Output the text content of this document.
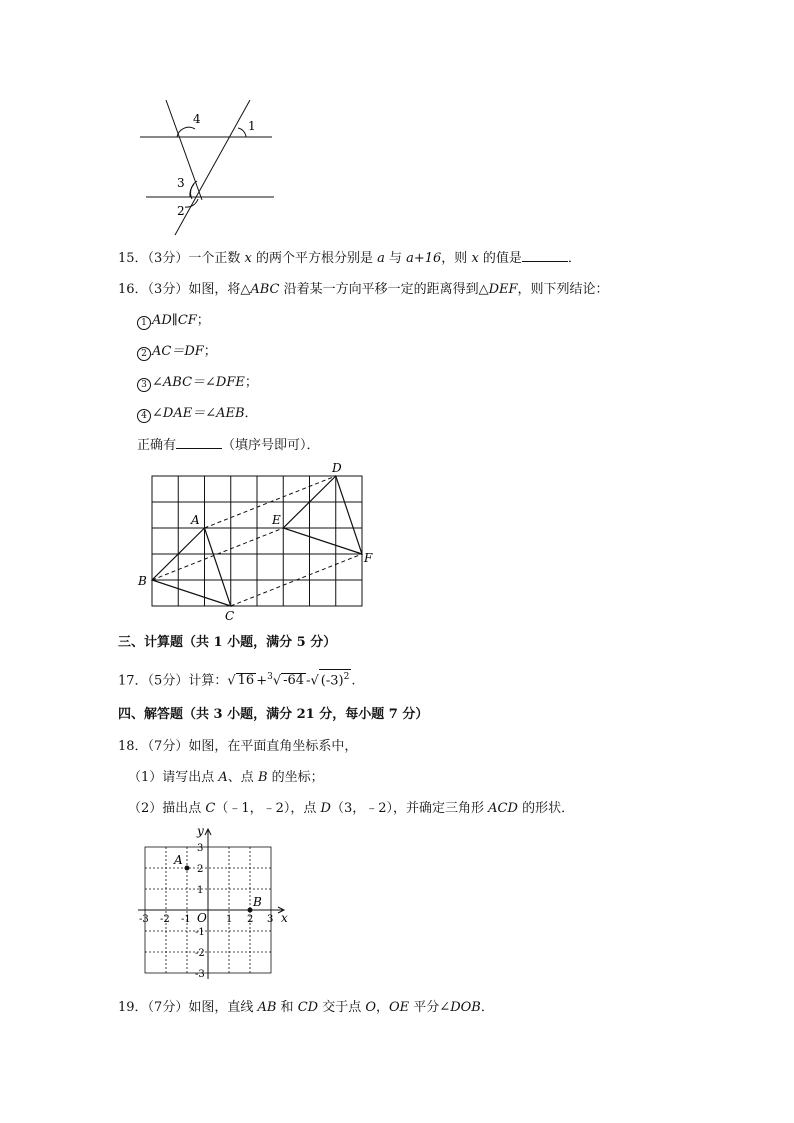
4	1
3
2
15．（3分）一个正数 x 的两个平方根分别是 a 与 a+16，则 x 的值是	．
16．（3分）如图，将△ABC 沿着某一方向平移一定的距离得到△DEF，则下列结论：
1 AD∥CF；
2 AC＝DF；
3 ∠ABC＝∠DFE；
4 ∠DAE＝∠AEB．
正确有	（填序号即可）．
A
B
C
D
E
F
三、计算题（共 1 小题，满分 5 分）
17．（5分）计算：√ 16 +$^3$√ -64 -√ $(-3)^2$ .
四、解答题（共 3 小题，满分 21 分，每小题 7 分）
18．（7分）如图，在平面直角坐标系中，
（1）请写出点 A、点 B 的坐标；
（2）描出点 C（﹣1，﹣2），点 D（3，﹣2），并确定三角形 ACD 的形状．
y
x
O
3
2
1
-1
-2
-3
-3 -2 -1	1 2 3
A
B
19．（7分）如图，直线 AB 和 CD 交于点 O，OE 平分∠DOB．
